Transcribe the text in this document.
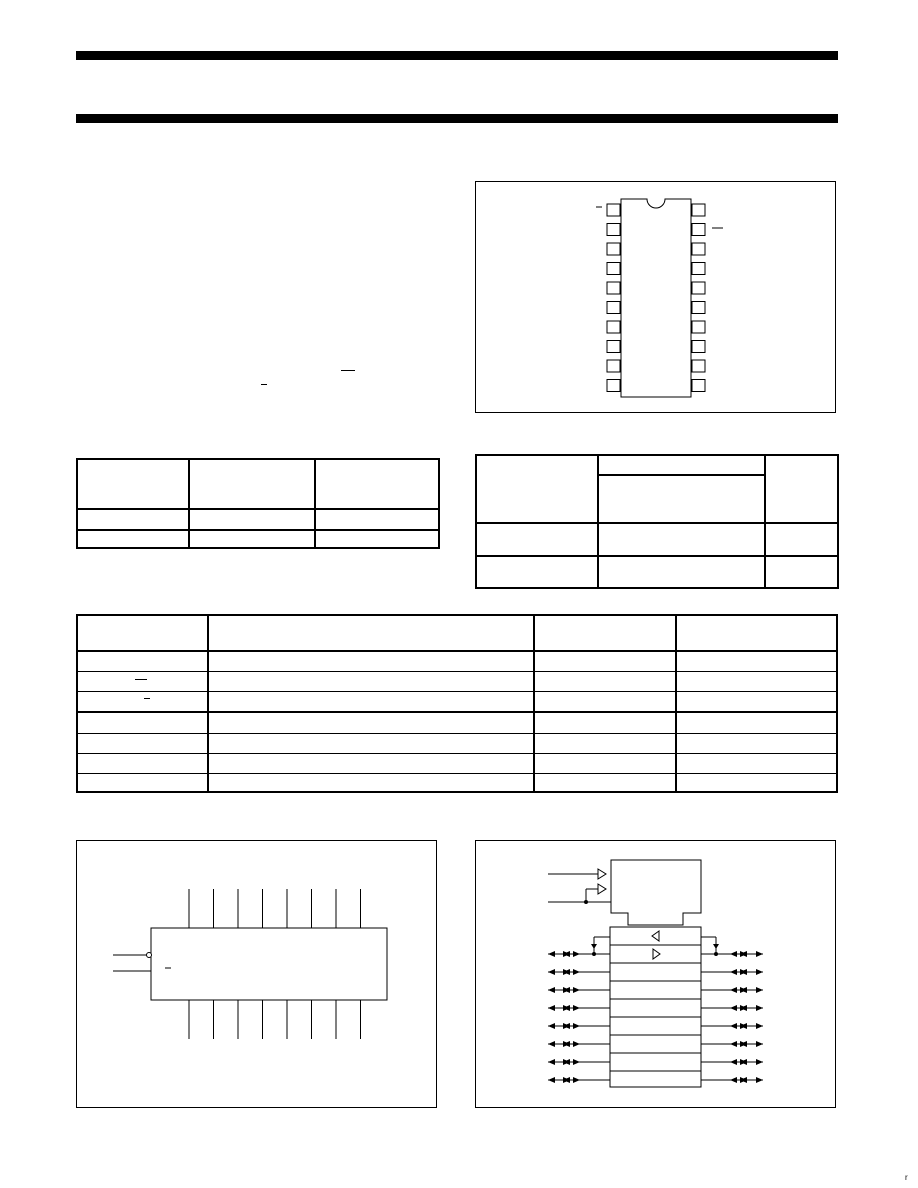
r
